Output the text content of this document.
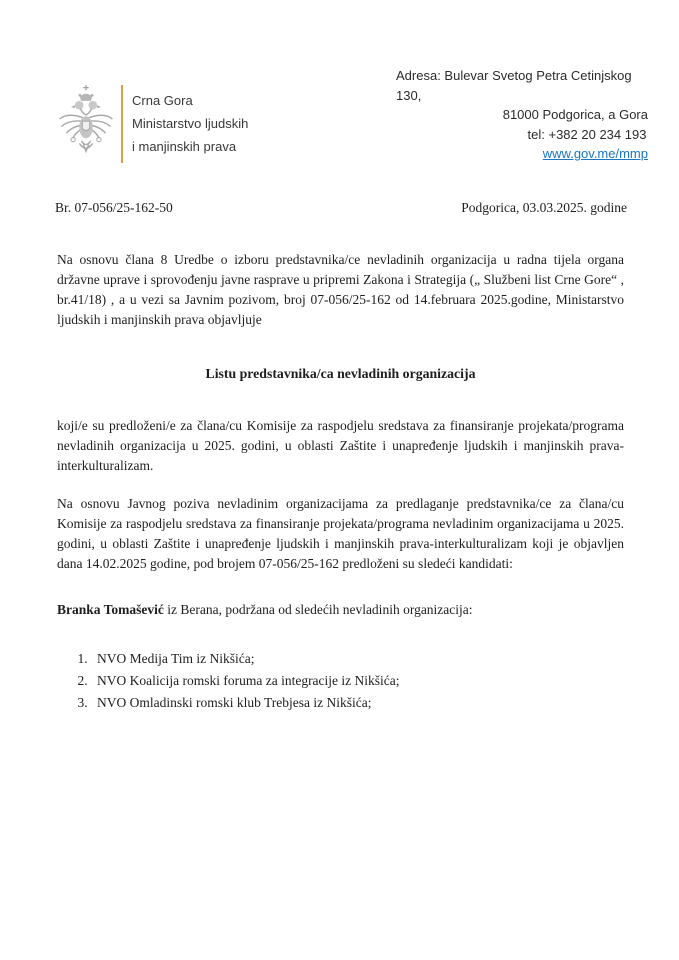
Crna Gora
Ministarstvo ljudskih
i manjinskih prava
Adresa: Bulevar Svetog Petra Cetinjskog 130,
81000 Podgorica, a Gora
tel: +382 20 234 193
www.gov.me/mmp
Br. 07-056/25-162-50	Podgorica, 03.03.2025. godine
Na osnovu člana 8 Uredbe o izboru predstavnika/ce nevladinih organizacija u radna tijela organa državne uprave i sprovođenju javne rasprave u pripremi Zakona i Strategija („ Službeni list Crne Gore“ , br.41/18) , a u vezi sa Javnim pozivom, broj 07-056/25-162 od 14.februara 2025.godine, Ministarstvo ljudskih i manjinskih prava objavljuje
Listu predstavnika/ca nevladinih organizacija
koji/e su predloženi/e za člana/cu Komisije za raspodjelu sredstava za finansiranje projekata/programa nevladinih organizacija u 2025. godini, u oblasti Zaštite i unapređenje ljudskih i manjinskih prava-interkulturalizam.
Na osnovu Javnog poziva nevladinim organizacijama za predlaganje predstavnika/ce za člana/cu Komisije za raspodjelu sredstava za finansiranje projekata/programa nevladinim organizacijama u 2025. godini, u oblasti Zaštite i unapređenje ljudskih i manjinskih prava-interkulturalizam koji je objavljen dana 14.02.2025 godine, pod brojem 07-056/25-162 predloženi su sledeći kandidati:
Branka Tomašević iz Berana, podržana od sledećih nevladinih organizacija:
1. NVO Medija Tim iz Nikšića;
2. NVO Koalicija romski foruma za integracije iz Nikšića;
3. NVO Omladinski romski klub Trebjesa iz Nikšića;
